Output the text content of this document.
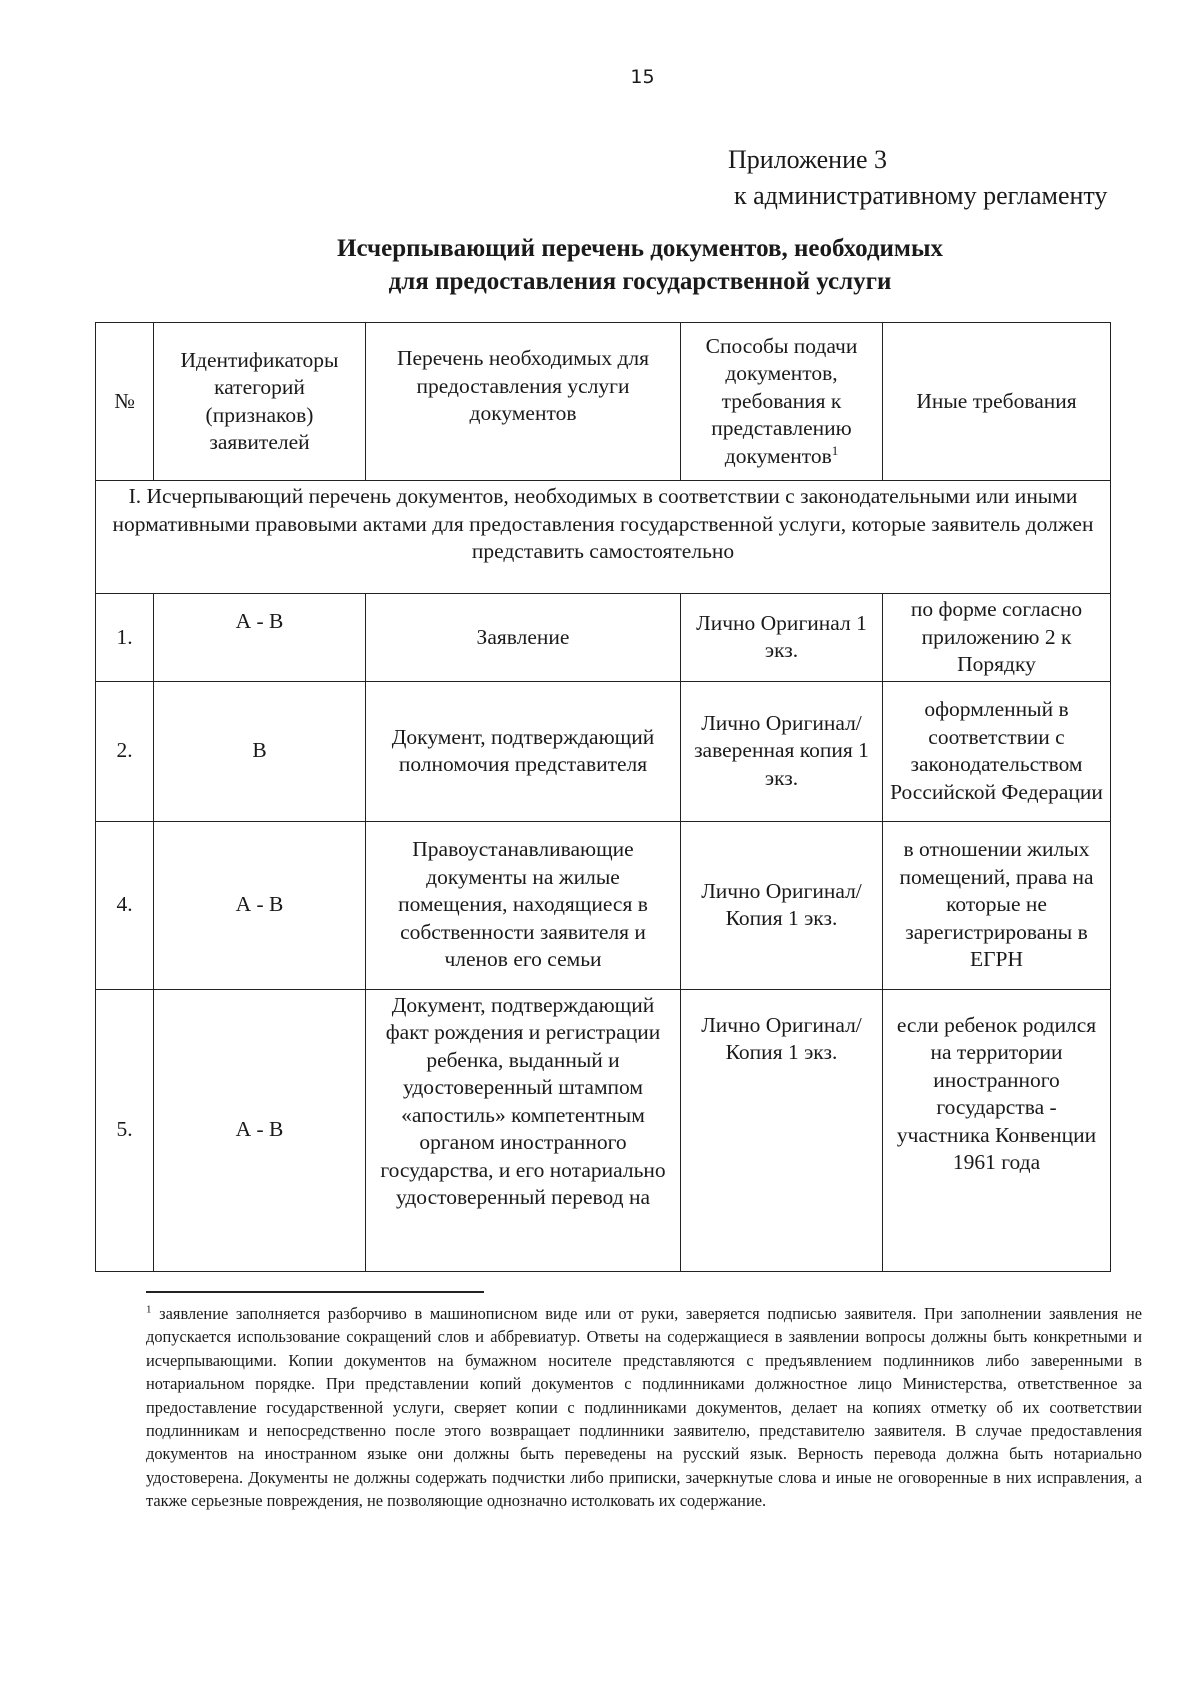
15
Приложение 3
к административному регламенту
Исчерпывающий перечень документов, необходимых
для предоставления государственной услуги
№	Идентификаторы категорий (признаков) заявителей	Перечень необходимых для предоставления услуги документов	Способы подачи документов, требования к представлению документов$^1$	Иные требования
I. Исчерпывающий перечень документов, необходимых в соответствии с законодательными или иными нормативными правовыми актами для предоставления государственной услуги, которые заявитель должен представить самостоятельно				
1.	А - В	Заявление	Лично Оригинал 1 экз.	по форме согласно приложению 2 к Порядку
2.	В	Документ, подтверждающий полномочия представителя	Лично Оригинал/ заверенная копия 1 экз.	оформленный в соответствии с законодательством Российской Федерации
4.	А - В	Правоустанавливающие документы на жилые помещения, находящиеся в собственности заявителя и членов его семьи	Лично Оригинал/Копия 1 экз.	в отношении жилых помещений, права на которые не зарегистрированы в ЕГРН
5.	А - В	Документ, подтверждающий факт рождения и регистрации ребенка, выданный и удостоверенный штампом «апостиль» компетентным органом иностранного государства, и его нотариально удостоверенный перевод на	Лично Оригинал/Копия 1 экз.	если ребенок родился на территории иностранного государства - участника Конвенции 1961 года
$^1$ заявление заполняется разборчиво в машинописном виде или от руки, заверяется подписью заявителя. При заполнении заявления не допускается использование сокращений слов и аббревиатур. Ответы на содержащиеся в заявлении вопросы должны быть конкретными и исчерпывающими. Копии документов на бумажном носителе представляются с предъявлением подлинников либо заверенными в нотариальном порядке. При представлении копий документов с подлинниками должностное лицо Министерства, ответственное за предоставление государственной услуги, сверяет копии с подлинниками документов, делает на копиях отметку об их соответствии подлинникам и непосредственно после этого возвращает подлинники заявителю, представителю заявителя. В случае предоставления документов на иностранном языке они должны быть переведены на русский язык. Верность перевода должна быть нотариально удостоверена. Документы не должны содержать подчистки либо приписки, зачеркнутые слова и иные не оговоренные в них исправления, а также серьезные повреждения, не позволяющие однозначно истолковать их содержание.
